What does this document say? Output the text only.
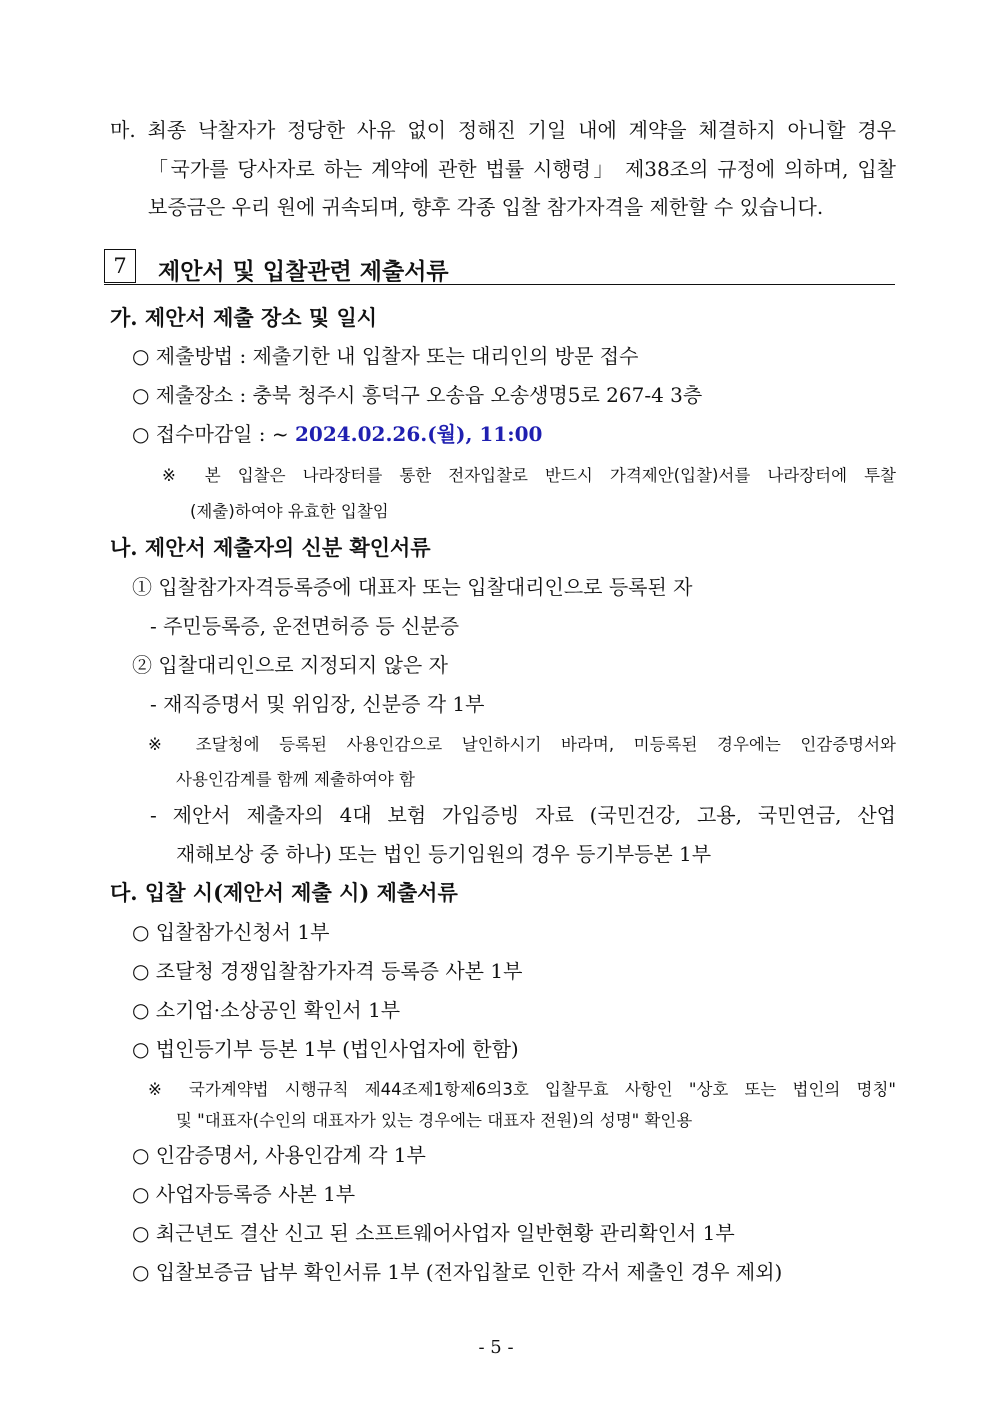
마. 최종 낙찰자가 정당한 사유 없이 정해진 기일 내에 계약을 체결하지 아니할 경우
「국가를 당사자로 하는 계약에 관한 법률 시행령」 제38조의 규정에 의하며, 입찰
보증금은 우리 원에 귀속되며, 향후 각종 입찰 참가자격을 제한할 수 있습니다.
7	제안서 및 입찰관련 제출서류
가. 제안서 제출 장소 및 일시
○ 제출방법 : 제출기한 내 입찰자 또는 대리인의 방문 접수
○ 제출장소 : 충북 청주시 흥덕구 오송읍 오송생명5로 267-4 3층
○ 접수마감일 : ~ 2024.02.26.(월), 11:00
※ 본 입찰은 나라장터를 통한 전자입찰로 반드시 가격제안(입찰)서를 나라장터에 투찰
(제출)하여야 유효한 입찰임
나. 제안서 제출자의 신분 확인서류
① 입찰참가자격등록증에 대표자 또는 입찰대리인으로 등록된 자
- 주민등록증, 운전면허증 등 신분증
② 입찰대리인으로 지정되지 않은 자
- 재직증명서 및 위임장, 신분증 각 1부
※ 조달청에 등록된 사용인감으로 날인하시기 바라며, 미등록된 경우에는 인감증명서와
사용인감계를 함께 제출하여야 함
- 제안서 제출자의 4대 보험 가입증빙 자료 (국민건강, 고용, 국민연금, 산업
재해보상 중 하나) 또는 법인 등기임원의 경우 등기부등본 1부
다. 입찰 시(제안서 제출 시) 제출서류
○ 입찰참가신청서 1부
○ 조달청 경쟁입찰참가자격 등록증 사본 1부
○ 소기업·소상공인 확인서 1부
○ 법인등기부 등본 1부 (법인사업자에 한함)
※ 국가계약법 시행규칙 제44조제1항제6의3호 입찰무효 사항인 "상호 또는 법인의 명칭"
및 "대표자(수인의 대표자가 있는 경우에는 대표자 전원)의 성명" 확인용
○ 인감증명서, 사용인감계 각 1부
○ 사업자등록증 사본 1부
○ 최근년도 결산 신고 된 소프트웨어사업자 일반현황 관리확인서 1부
○ 입찰보증금 납부 확인서류 1부 (전자입찰로 인한 각서 제출인 경우 제외)
- 5 -
